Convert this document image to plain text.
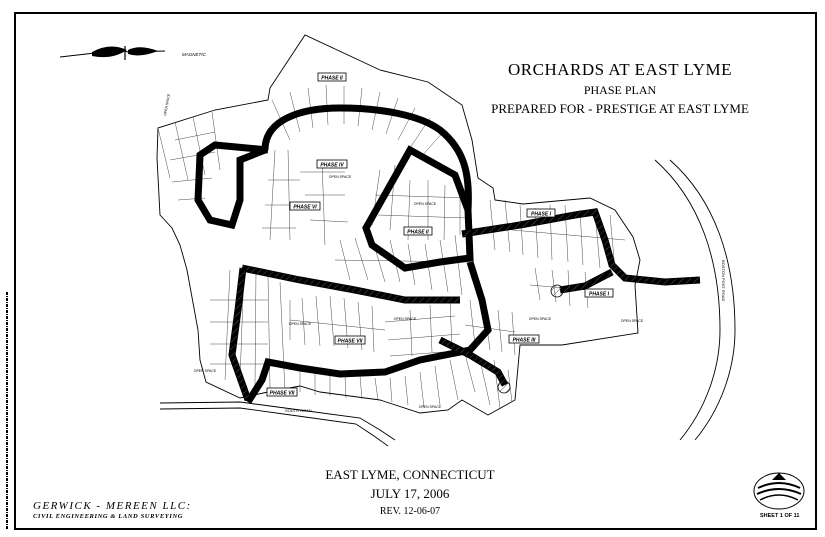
MAGNETIC
BOSTON POST ROAD
SOUTH ROAD
PHASE II
PHASE IV
PHASE VI
PHASE II
PHASE I
PHASE I
PHASE VII	PHASE III
PHASE VII
OPEN SPACE
OPEN SPACE
OPEN SPACE
OPEN SPACE
OPEN SPACE
OPEN SPACE
OPEN SPACE	OPEN SPACE
OPEN SPACE
ORCHARDS AT EAST LYME
PHASE PLAN
PREPARED FOR - PRESTIGE AT EAST LYME
EAST LYME, CONNECTICUT
JULY 17, 2006
REV. 12-06-07
GERWICK - MEREEN LLC:
CIVIL ENGINEERING & LAND SURVEYING	SHEET 1 OF 11
